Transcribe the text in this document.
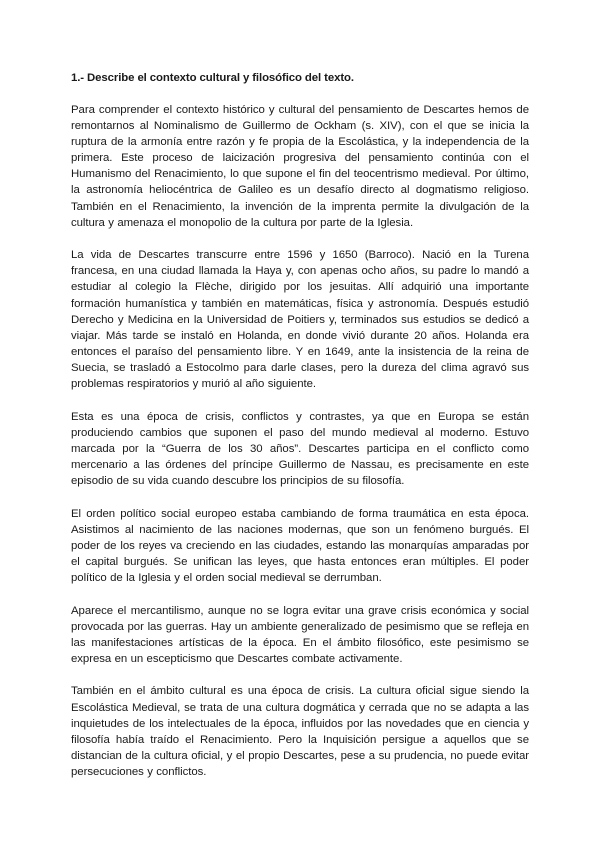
1.- Describe el contexto cultural y filosófico del texto.

Para comprender el contexto histórico y cultural del pensamiento de Descartes hemos de remontarnos al Nominalismo de Guillermo de Ockham (s. XIV), con el que se inicia la ruptura de la armonía entre razón y fe propia de la Escolástica, y la independencia de la primera. Este proceso de laicización progresiva del pensamiento continúa con el Humanismo del Renacimiento, lo que supone el fin del teocentrismo medieval. Por último, la astronomía heliocéntrica de Galileo es un desafío directo al dogmatismo religioso. También en el Renacimiento, la invención de la imprenta permite la divulgación de la cultura y amenaza el monopolio de la cultura por parte de la Iglesia.

La vida de Descartes transcurre entre 1596 y 1650 (Barroco). Nació en la Turena francesa, en una ciudad llamada la Haya y, con apenas ocho años, su padre lo mandó a estudiar al colegio la Flèche, dirigido por los jesuitas. Allí adquirió una importante formación humanística y también en matemáticas, física y astronomía. Después estudió Derecho y Medicina en la Universidad de Poitiers y, terminados sus estudios se dedicó a viajar. Más tarde se instaló en Holanda, en donde vivió durante 20 años. Holanda era entonces el paraíso del pensamiento libre. Y en 1649, ante la insistencia de la reina de Suecia, se trasladó a Estocolmo para darle clases, pero la dureza del clima agravó sus problemas respiratorios y murió al año siguiente.

Esta es una época de crisis, conflictos y contrastes, ya que en Europa se están produciendo cambios que suponen el paso del mundo medieval al moderno. Estuvo marcada por la “Guerra de los 30 años”. Descartes participa en el conflicto como mercenario a las órdenes del príncipe Guillermo de Nassau, es precisamente en este episodio de su vida cuando descubre los principios de su filosofía.

El orden político social europeo estaba cambiando de forma traumática en esta época. Asistimos al nacimiento de las naciones modernas, que son un fenómeno burgués. El poder de los reyes va creciendo en las ciudades, estando las monarquías amparadas por el capital burgués. Se unifican las leyes, que hasta entonces eran múltiples. El poder político de la Iglesia y el orden social medieval se derrumban.

Aparece el mercantilismo, aunque no se logra evitar una grave crisis económica y social provocada por las guerras. Hay un ambiente generalizado de pesimismo que se refleja en las manifestaciones artísticas de la época. En el ámbito filosófico, este pesimismo se expresa en un escepticismo que Descartes combate activamente.

También en el ámbito cultural es una época de crisis. La cultura oficial sigue siendo la Escolástica Medieval, se trata de una cultura dogmática y cerrada que no se adapta a las inquietudes de los intelectuales de la época, influidos por las novedades que en ciencia y filosofía había traído el Renacimiento. Pero la Inquisición persigue a aquellos que se distancian de la cultura oficial, y el propio Descartes, pese a su prudencia, no puede evitar persecuciones y conflictos.
